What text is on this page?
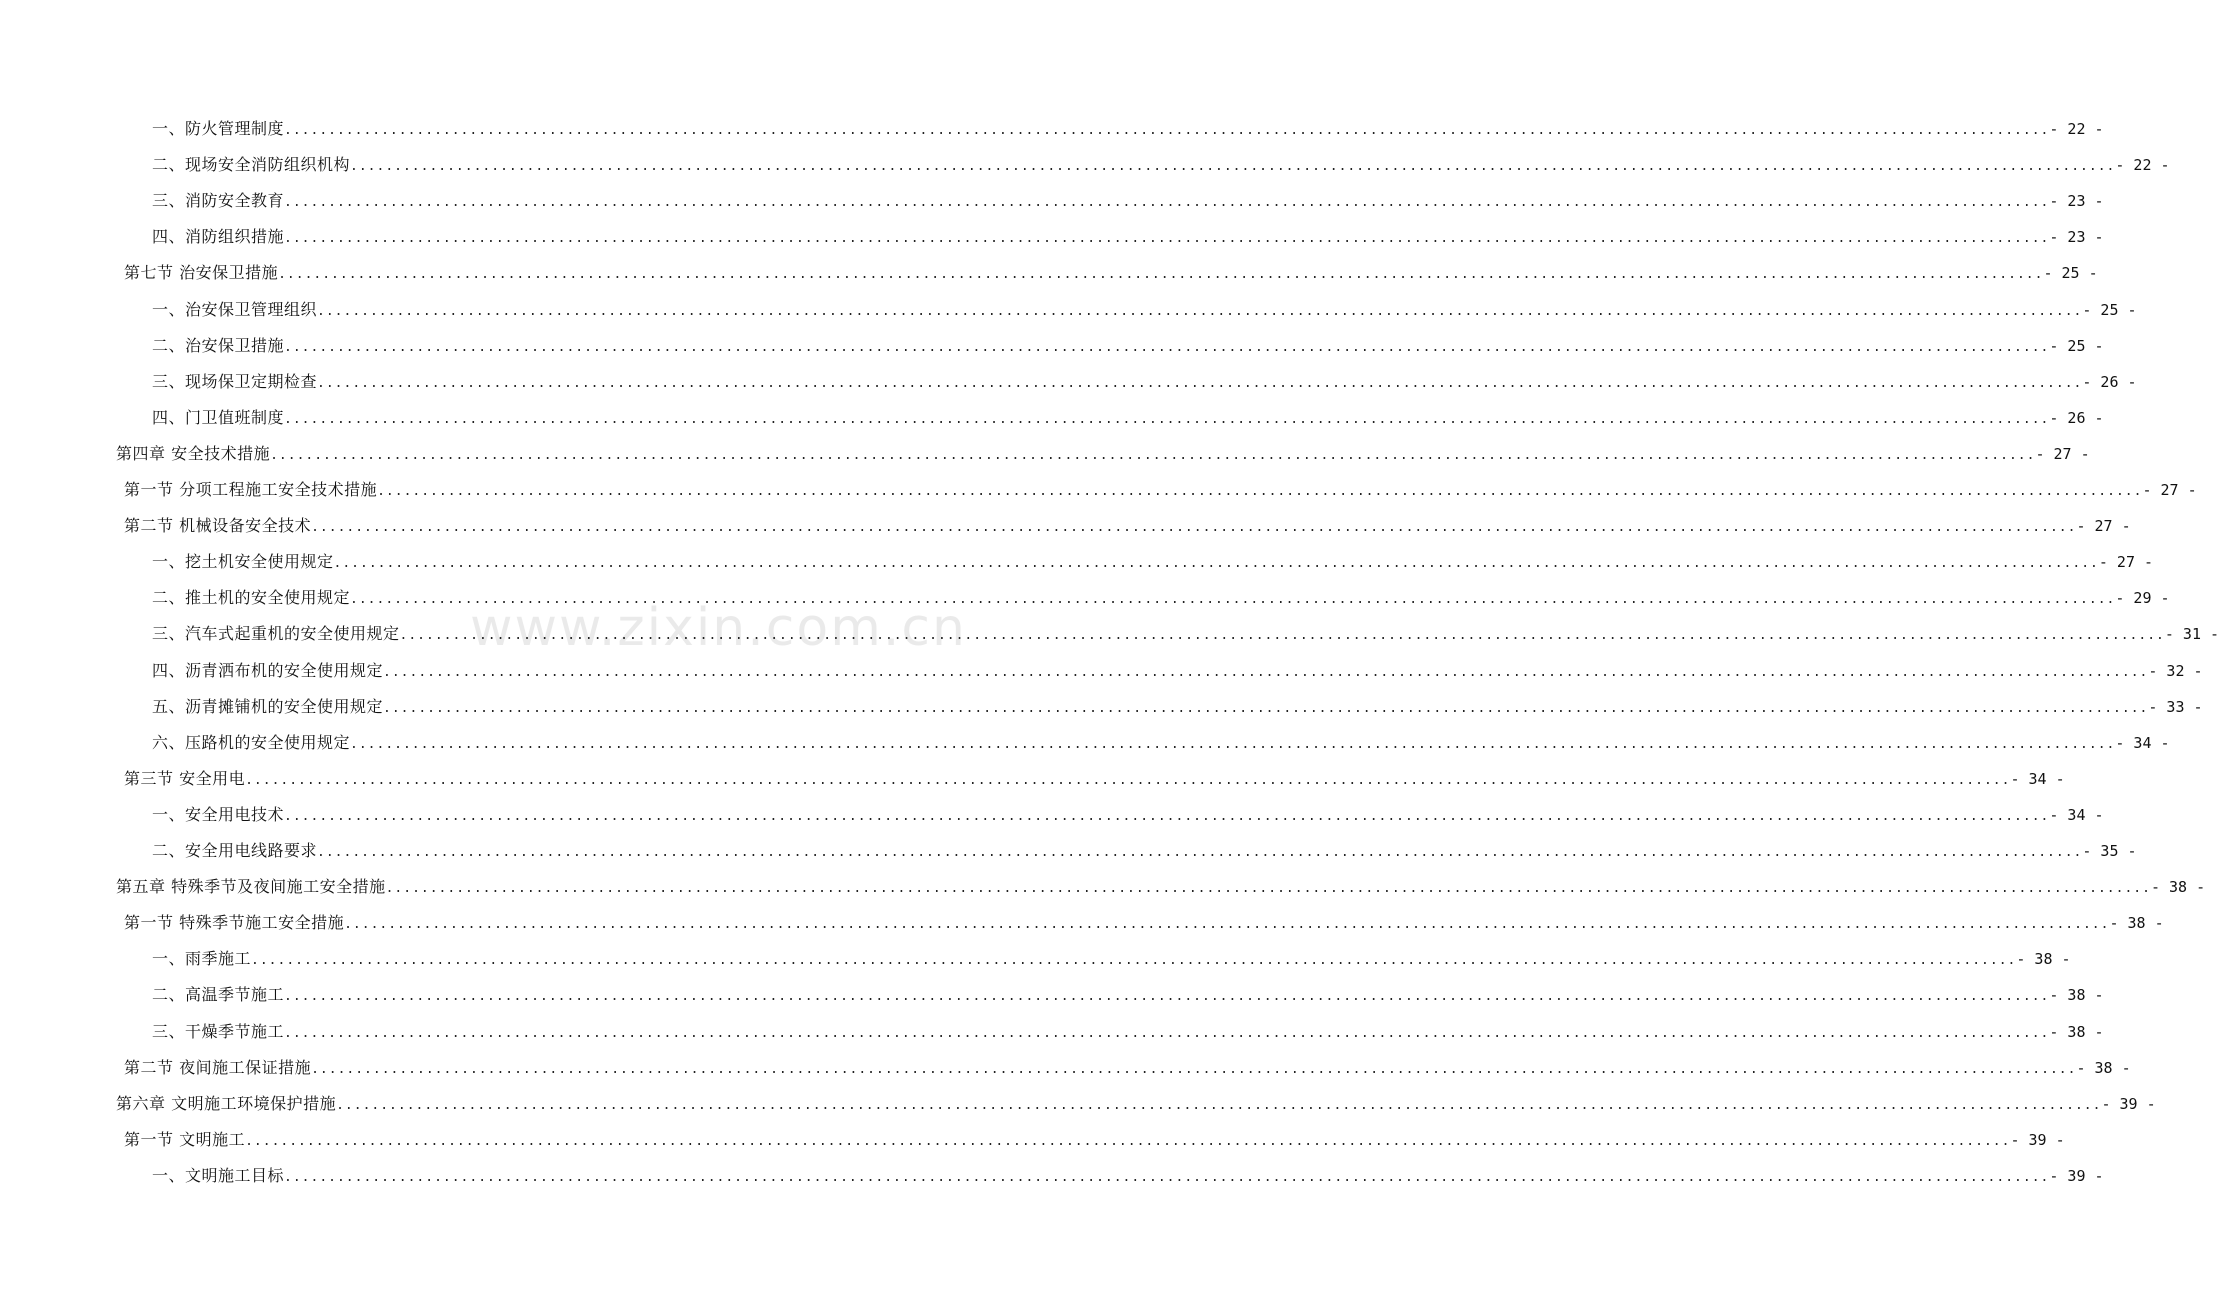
www.zixin.com.cn
一、防火管理制度 ........................................................................................................................................................................................................ - 22 -
二、现场安全消防组织机构 ........................................................................................................................................................................................................ - 22 -
三、消防安全教育 ........................................................................................................................................................................................................ - 23 -
四、消防组织措施 ........................................................................................................................................................................................................ - 23 -
第七节 治安保卫措施 ........................................................................................................................................................................................................ - 25 -
一、治安保卫管理组织 ........................................................................................................................................................................................................ - 25 -
二、治安保卫措施 ........................................................................................................................................................................................................ - 25 -
三、现场保卫定期检查 ........................................................................................................................................................................................................ - 26 -
四、门卫值班制度 ........................................................................................................................................................................................................ - 26 -
第四章 安全技术措施 ........................................................................................................................................................................................................ - 27 -
第一节 分项工程施工安全技术措施 ........................................................................................................................................................................................................ - 27 -
第二节 机械设备安全技术 ........................................................................................................................................................................................................ - 27 -
一、挖土机安全使用规定 ........................................................................................................................................................................................................ - 27 -
二、推土机的安全使用规定 ........................................................................................................................................................................................................ - 29 -
三、汽车式起重机的安全使用规定 ........................................................................................................................................................................................................ - 31 -
四、沥青洒布机的安全使用规定 ........................................................................................................................................................................................................ - 32 -
五、沥青摊铺机的安全使用规定 ........................................................................................................................................................................................................ - 33 -
六、压路机的安全使用规定 ........................................................................................................................................................................................................ - 34 -
第三节 安全用电 ........................................................................................................................................................................................................ - 34 -
一、安全用电技术 ........................................................................................................................................................................................................ - 34 -
二、安全用电线路要求 ........................................................................................................................................................................................................ - 35 -
第五章 特殊季节及夜间施工安全措施 ........................................................................................................................................................................................................ - 38 -
第一节 特殊季节施工安全措施 ........................................................................................................................................................................................................ - 38 -
一、雨季施工 ........................................................................................................................................................................................................ - 38 -
二、高温季节施工 ........................................................................................................................................................................................................ - 38 -
三、干燥季节施工 ........................................................................................................................................................................................................ - 38 -
第二节 夜间施工保证措施 ........................................................................................................................................................................................................ - 38 -
第六章 文明施工环境保护措施 ........................................................................................................................................................................................................ - 39 -
第一节 文明施工 ........................................................................................................................................................................................................ - 39 -
一、文明施工目标 ........................................................................................................................................................................................................ - 39 -
